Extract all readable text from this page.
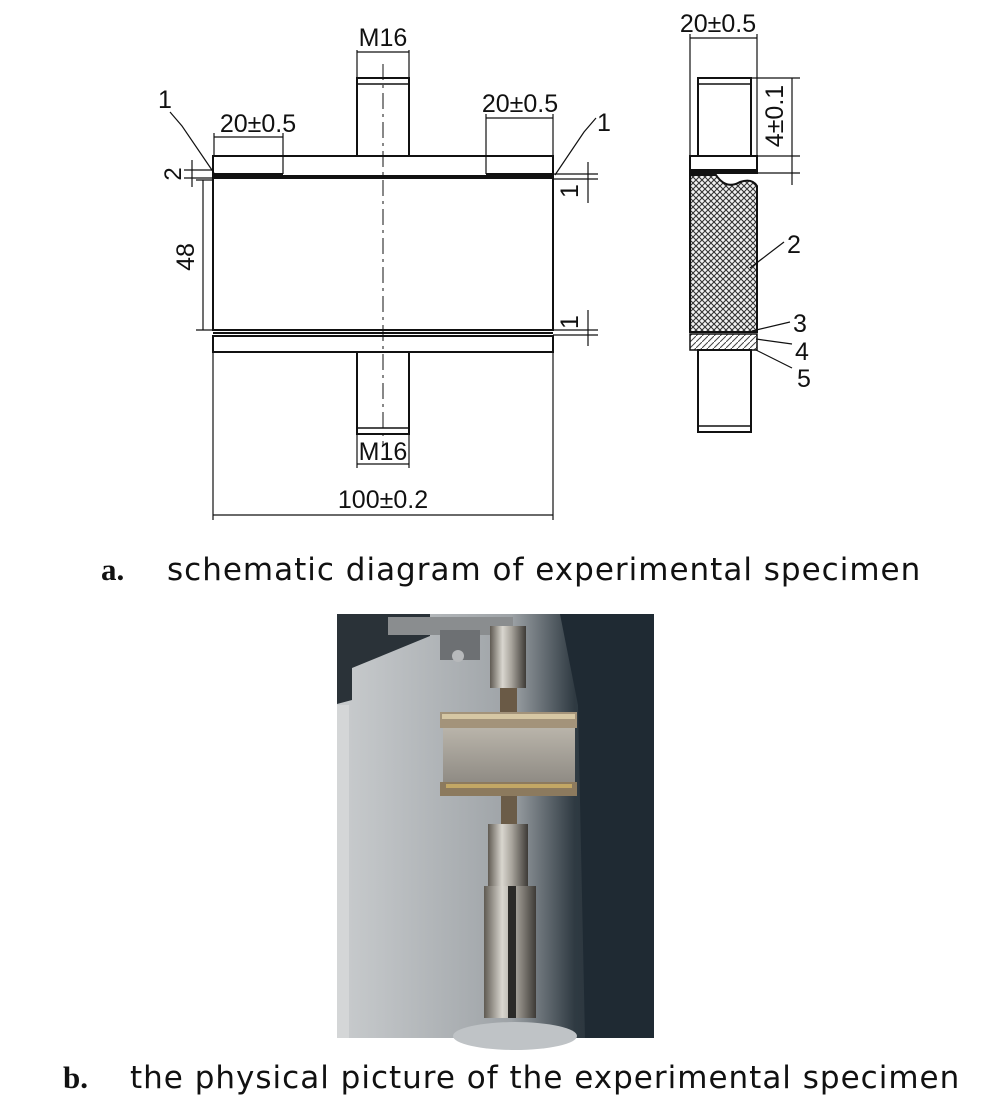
M16
20±0.5
20±0.5
1
1
2
48
1
1
M16
100±0.2
20±0.5
4±0.1
2
3
4
5
a. schematic diagram of experimental specimen
b. the physical picture of the experimental specimen
